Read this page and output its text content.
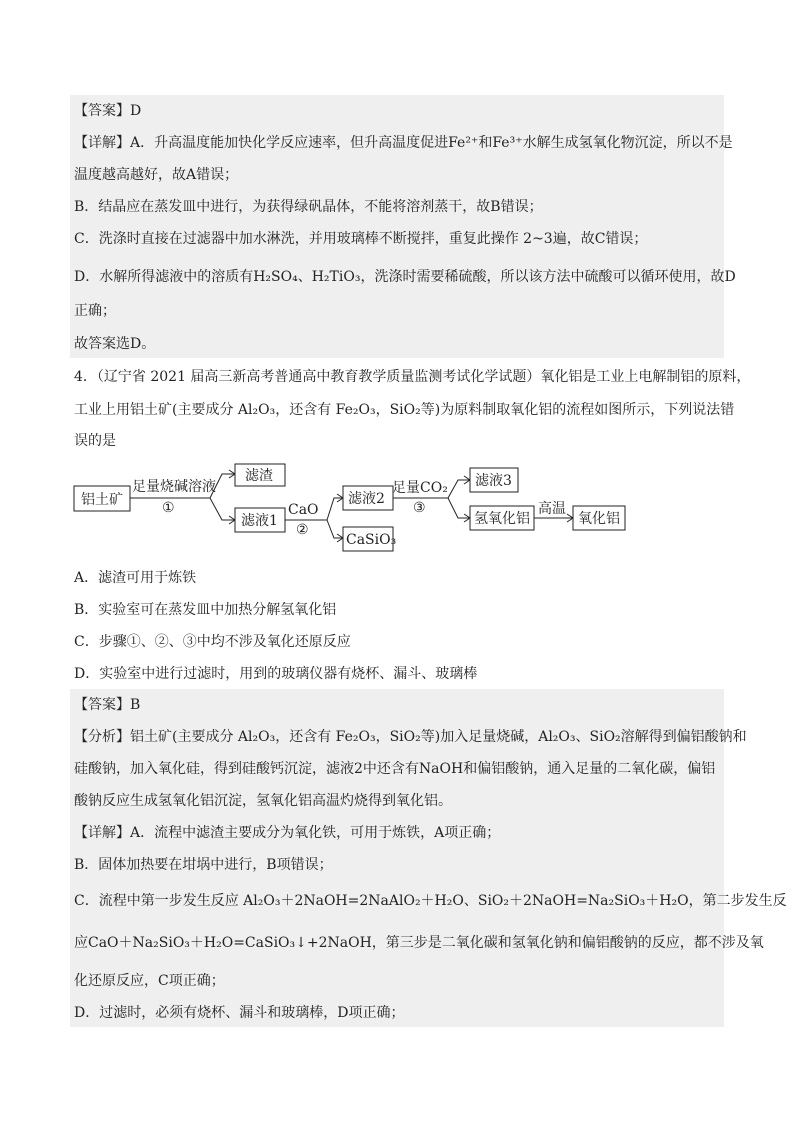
【答案】D
【详解】A．升高温度能加快化学反应速率，但升高温度促进Fe²⁺和Fe³⁺水解生成氢氧化物沉淀，所以不是
温度越高越好，故A错误；
B．结晶应在蒸发皿中进行，为获得绿矾晶体，不能将溶剂蒸干，故B错误；
C．洗涤时直接在过滤器中加水淋洗，并用玻璃棒不断搅拌，重复此操作 2~3遍，故C错误；
D．水解所得滤液中的溶质有H₂SO₄、H₂TiO₃，洗涤时需要稀硫酸，所以该方法中硫酸可以循环使用，故D
正确；
故答案选D。
4．（辽宁省 2021 届高三新高考普通高中教育教学质量监测考试化学试题）氧化铝是工业上电解制铝的原料，
工业上用铝土矿(主要成分 Al₂O₃，还含有 Fe₂O₃，SiO₂等)为原料制取氧化铝的流程如图所示，下列说法错
误的是
铝土矿
足量烧碱溶液
①
滤渣
滤液1
CaO
②
滤液2
CaSiO₃
足量CO₂
③
滤液3
氢氧化铝
高温
氧化铝
A．滤渣可用于炼铁
B．实验室可在蒸发皿中加热分解氢氧化铝
C．步骤①、②、③中均不涉及氧化还原反应
D．实验室中进行过滤时，用到的玻璃仪器有烧杯、漏斗、玻璃棒
【答案】B
【分析】铝土矿(主要成分 Al₂O₃，还含有 Fe₂O₃，SiO₂等)加入足量烧碱，Al₂O₃、SiO₂溶解得到偏铝酸钠和
硅酸钠，加入氧化硅，得到硅酸钙沉淀，滤液2中还含有NaOH和偏铝酸钠，通入足量的二氧化碳，偏铝
酸钠反应生成氢氧化铝沉淀，氢氧化铝高温灼烧得到氧化铝。
【详解】A．流程中滤渣主要成分为氧化铁，可用于炼铁，A项正确；
B．固体加热要在坩埚中进行，B项错误；
C．流程中第一步发生反应 Al₂O₃＋2NaOH=2NaAlO₂＋H₂O、SiO₂＋2NaOH=Na₂SiO₃＋H₂O，第二步发生反
应CaO＋Na₂SiO₃＋H₂O=CaSiO₃↓+2NaOH，第三步是二氧化碳和氢氧化钠和偏铝酸钠的反应，都不涉及氧
化还原反应，C项正确；
D．过滤时，必须有烧杯、漏斗和玻璃棒，D项正确；
